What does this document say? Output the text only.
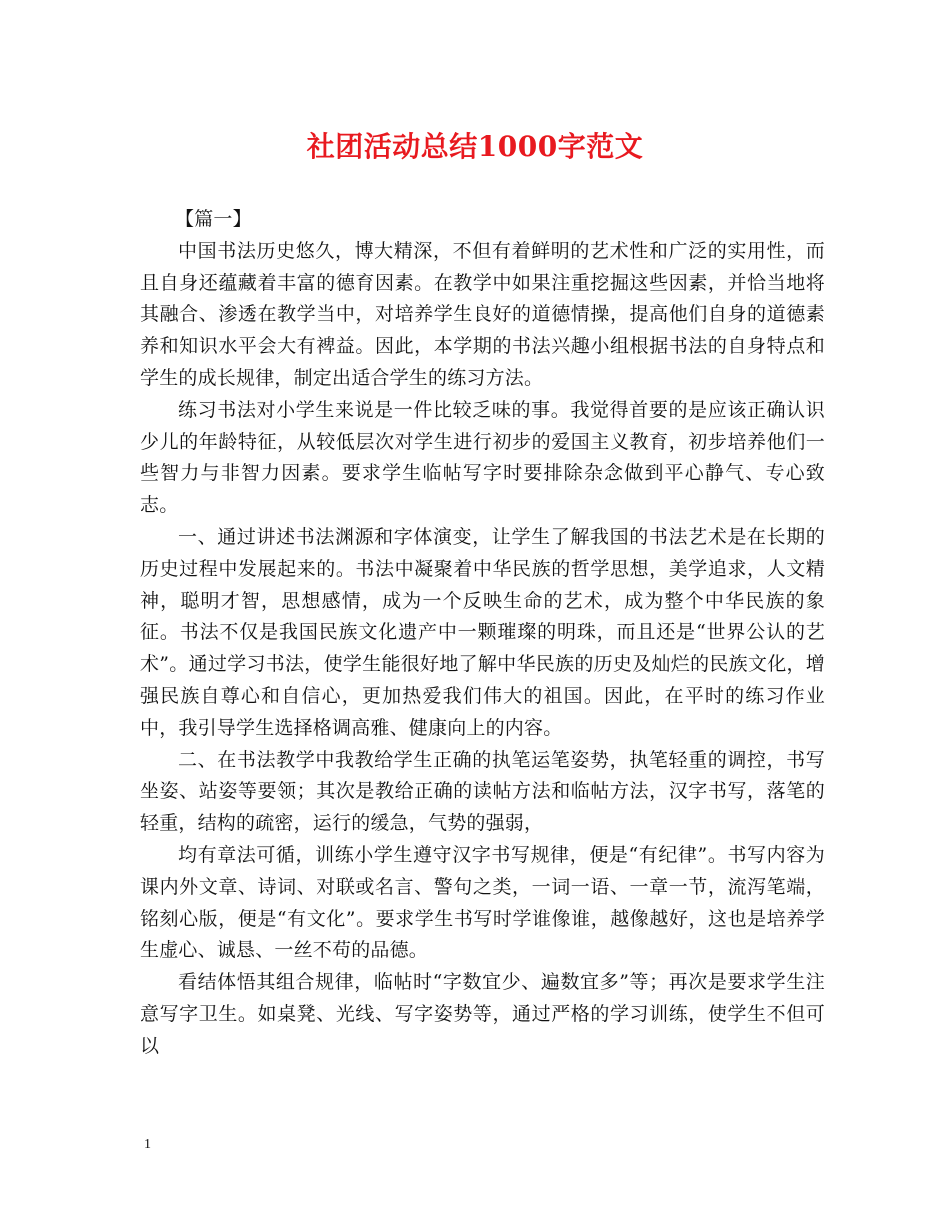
社团活动总结1000字范文

【篇一】

中国书法历史悠久，博大精深，不但有着鲜明的艺术性和广泛的实用性，而且自身还蕴藏着丰富的德育因素。在教学中如果注重挖掘这些因素，并恰当地将其融合、渗透在教学当中，对培养学生良好的道德情操，提高他们自身的道德素养和知识水平会大有裨益。因此，本学期的书法兴趣小组根据书法的自身特点和学生的成长规律，制定出适合学生的练习方法。

练习书法对小学生来说是一件比较乏味的事。我觉得首要的是应该正确认识少儿的年龄特征，从较低层次对学生进行初步的爱国主义教育，初步培养他们一些智力与非智力因素。要求学生临帖写字时要排除杂念做到平心静气、专心致志。

一、通过讲述书法渊源和字体演变，让学生了解我国的书法艺术是在长期的历史过程中发展起来的。书法中凝聚着中华民族的哲学思想，美学追求，人文精神，聪明才智，思想感情，成为一个反映生命的艺术，成为整个中华民族的象征。书法不仅是我国民族文化遗产中一颗璀璨的明珠，而且还是“世界公认的艺术”。通过学习书法，使学生能很好地了解中华民族的历史及灿烂的民族文化，增强民族自尊心和自信心，更加热爱我们伟大的祖国。因此，在平时的练习作业中，我引导学生选择格调高雅、健康向上的内容。

二、在书法教学中我教给学生正确的执笔运笔姿势，执笔轻重的调控，书写坐姿、站姿等要领；其次是教给正确的读帖方法和临帖方法，汉字书写，落笔的轻重，结构的疏密，运行的缓急，气势的强弱，

均有章法可循，训练小学生遵守汉字书写规律，便是“有纪律”。书写内容为课内外文章、诗词、对联或名言、警句之类，一词一语、一章一节，流泻笔端，铭刻心版，便是“有文化”。要求学生书写时学谁像谁，越像越好，这也是培养学生虚心、诚恳、一丝不苟的品德。

看结体悟其组合规律，临帖时“字数宜少、遍数宜多”等；再次是要求学生注意写字卫生。如桌凳、光线、写字姿势等，通过严格的学习训练，使学生不但可以

1
